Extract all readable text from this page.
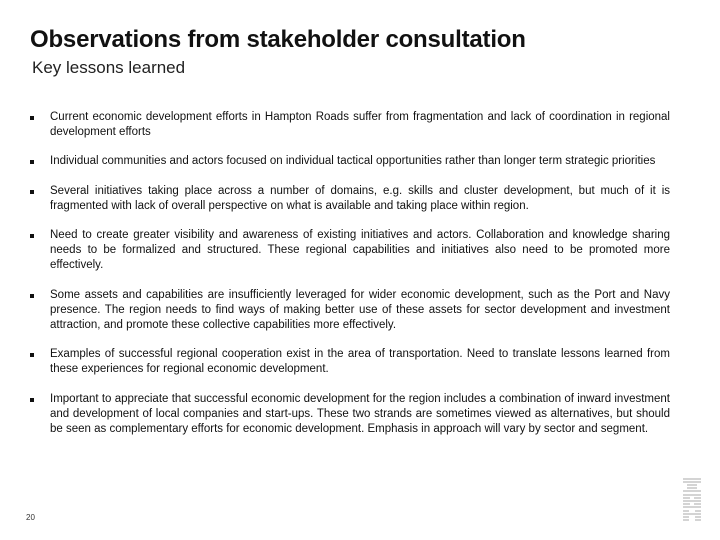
Observations from stakeholder consultation
Key lessons learned
Current economic development efforts in Hampton Roads suffer from fragmentation and lack of coordination in regional development efforts
Individual communities and actors focused on individual tactical opportunities rather than longer term strategic priorities
Several initiatives taking place across a number of domains, e.g. skills and cluster development, but much of it is fragmented with lack of overall perspective on what is available and taking place within region.
Need to create greater visibility and awareness of existing initiatives and actors. Collaboration and knowledge sharing needs to be formalized and structured. These regional capabilities and initiatives also need to be promoted more effectively.
Some assets and capabilities are insufficiently leveraged for wider economic development, such as the Port and Navy presence. The region needs to find ways of making better use of these assets for sector development and investment attraction, and promote these collective capabilities more effectively.
Examples of successful regional cooperation exist in the area of transportation. Need to translate lessons learned from these experiences for regional economic development.
Important to appreciate that successful economic development for the region includes a combination of inward investment and development of local companies and start-ups. These two strands are sometimes viewed as alternatives, but should be seen as complementary efforts for economic development. Emphasis in approach will vary by sector and segment.
20
